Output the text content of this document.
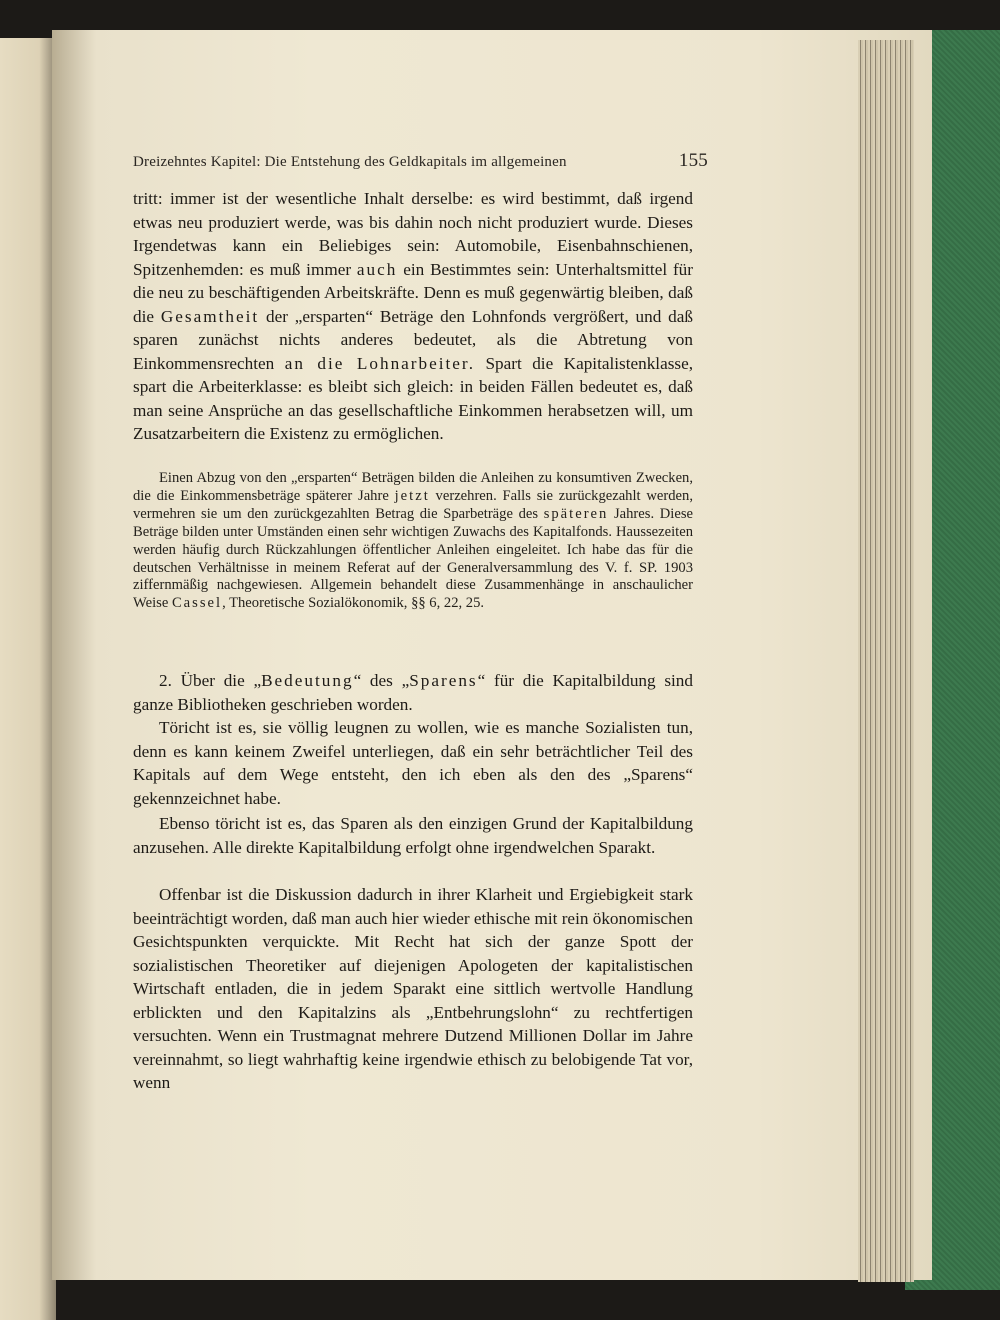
Dreizehntes Kapitel: Die Entstehung des Geldkapitals im allgemeinen	155

tritt: immer ist der wesentliche Inhalt derselbe: es wird bestimmt, daß irgend etwas neu produziert werde, was bis dahin noch nicht produziert wurde. Dieses Irgendetwas kann ein Beliebiges sein: Automobile, Eisenbahnschienen, Spitzenhemden: es muß immer auch ein Bestimmtes sein: Unterhaltsmittel für die neu zu beschäftigenden Arbeitskräfte. Denn es muß gegenwärtig bleiben, daß die Gesamtheit der „ersparten“ Beträge den Lohnfonds vergrößert, und daß sparen zunächst nichts anderes bedeutet, als die Abtretung von Einkommensrechten an die Lohnarbeiter. Spart die Kapitalistenklasse, spart die Arbeiterklasse: es bleibt sich gleich: in beiden Fällen bedeutet es, daß man seine Ansprüche an das gesellschaftliche Einkommen herabsetzen will, um Zusatzarbeitern die Existenz zu ermöglichen.

Einen Abzug von den „ersparten“ Beträgen bilden die Anleihen zu konsumtiven Zwecken, die die Einkommensbeträge späterer Jahre jetzt verzehren. Falls sie zurückgezahlt werden, vermehren sie um den zurückgezahlten Betrag die Sparbeträge des späteren Jahres. Diese Beträge bilden unter Umständen einen sehr wichtigen Zuwachs des Kapitalfonds. Haussezeiten werden häufig durch Rückzahlungen öffentlicher Anleihen eingeleitet. Ich habe das für die deutschen Verhältnisse in meinem Referat auf der Generalversammlung des V. f. SP. 1903 ziffernmäßig nachgewiesen. Allgemein behandelt diese Zusammenhänge in anschaulicher Weise Cassel, Theoretische Sozialökonomik, §§ 6, 22, 25.

2. Über die „Bedeutung“ des „Sparens“ für die Kapitalbildung sind ganze Bibliotheken geschrieben worden.

Töricht ist es, sie völlig leugnen zu wollen, wie es manche Sozialisten tun, denn es kann keinem Zweifel unterliegen, daß ein sehr beträchtlicher Teil des Kapitals auf dem Wege entsteht, den ich eben als den des „Sparens“ gekennzeichnet habe.

Ebenso töricht ist es, das Sparen als den einzigen Grund der Kapitalbildung anzusehen. Alle direkte Kapitalbildung erfolgt ohne irgendwelchen Sparakt.

Offenbar ist die Diskussion dadurch in ihrer Klarheit und Ergiebigkeit stark beeinträchtigt worden, daß man auch hier wieder ethische mit rein ökonomischen Gesichtspunkten verquickte. Mit Recht hat sich der ganze Spott der sozialistischen Theoretiker auf diejenigen Apologeten der kapitalistischen Wirtschaft entladen, die in jedem Sparakt eine sittlich wertvolle Handlung erblickten und den Kapitalzins als „Entbehrungslohn“ zu rechtfertigen versuchten. Wenn ein Trustmagnat mehrere Dutzend Millionen Dollar im Jahre vereinnahmt, so liegt wahrhaftig keine irgendwie ethisch zu belobigende Tat vor, wenn
